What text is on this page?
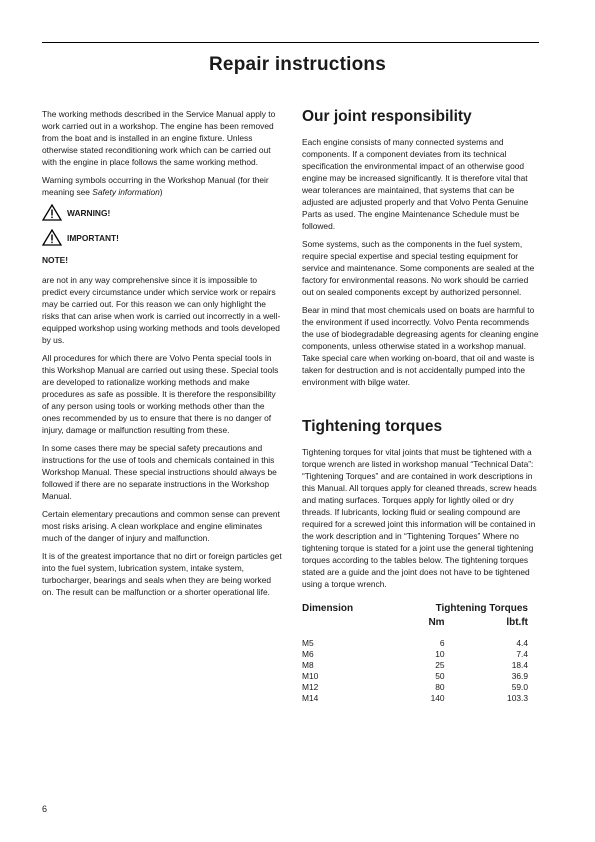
Repair instructions

The working methods described in the Service Manual apply to work carried out in a workshop. The engine has been removed from the boat and is installed in an engine fixture. Unless otherwise stated reconditioning work which can be carried out with the engine in place follows the same working method.

Warning symbols occurring in the Workshop Manual (for their meaning see Safety information)

WARNING!
IMPORTANT!
NOTE!

are not in any way comprehensive since it is impossible to predict every circumstance under which service work or repairs may be carried out. For this reason we can only highlight the risks that can arise when work is carried out incorrectly in a well-equipped workshop using working methods and tools developed by us.

All procedures for which there are Volvo Penta special tools in this Workshop Manual are carried out using these. Special tools are developed to rationalize working methods and make procedures as safe as possible. It is therefore the responsibility of any person using tools or working methods other than the ones recommended by us to ensure that there is no danger of injury, damage or malfunction resulting from these.

In some cases there may be special safety precautions and instructions for the use of tools and chemicals contained in this Workshop Manual. These special instructions should always be followed if there are no separate instructions in the Workshop Manual.

Certain elementary precautions and common sense can prevent most risks arising. A clean workplace and engine eliminates much of the danger of injury and malfunction.

It is of the greatest importance that no dirt or foreign particles get into the fuel system, lubrication system, intake system, turbocharger, bearings and seals when they are being worked on. The result can be malfunction or a shorter operational life.

Our joint responsibility

Each engine consists of many connected systems and components. If a component deviates from its technical specification the environmental impact of an otherwise good engine may be increased significantly. It is therefore vital that wear tolerances are maintained, that systems that can be adjusted are adjusted properly and that Volvo Penta Genuine Parts as used. The engine Maintenance Schedule must be followed.

Some systems, such as the components in the fuel system, require special expertise and special testing equipment for service and maintenance. Some components are sealed at the factory for environmental reasons. No work should be carried out on sealed components except by authorized personnel.

Bear in mind that most chemicals used on boats are harmful to the environment if used incorrectly. Volvo Penta recommends the use of biodegradable degreasing agents for cleaning engine components, unless otherwise stated in a workshop manual. Take special care when working on-board, that oil and waste is taken for destruction and is not accidentally pumped into the environment with bilge water.

Tightening torques

Tightening torques for vital joints that must be tightened with a torque wrench are listed in workshop manual “Technical Data”: “Tightening Torques” and are contained in work descriptions in this Manual. All torques apply for cleaned threads, screw heads and mating surfaces. Torques apply for lightly oiled or dry threads. If lubricants, locking fluid or sealing compound are required for a screwed joint this information will be contained in the work description and in “Tightening Torques” Where no tightening torque is stated for a joint use the general tightening torques according to the tables below. The tightening torques stated are a guide and the joint does not have to be tightened using a torque wrench.

Dimension	Tightening Torques	
	Nm	lbt.ft
M5	6	4.4
M6	10	7.4
M8	25	18.4
M10	50	36.9
M12	80	59.0
M14	140	103.3
6
